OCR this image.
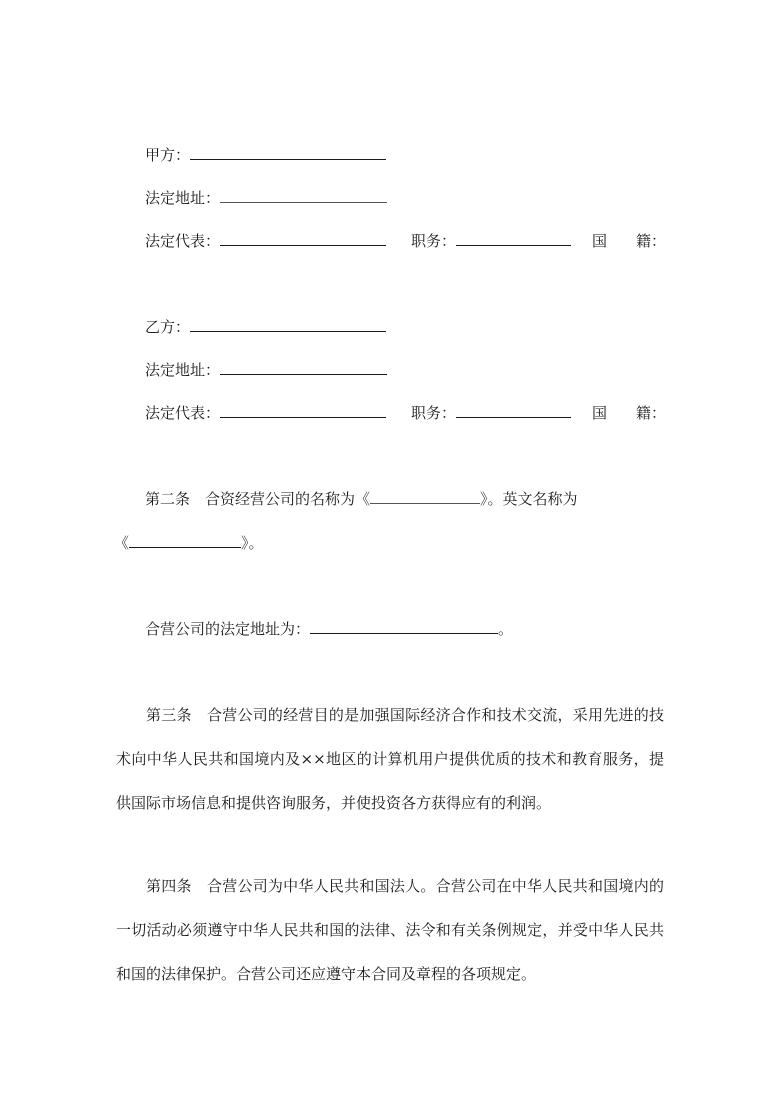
甲方：
法定地址：
法定代表：	职务：	国 籍：
乙方：
法定地址：
法定代表：	职务：	国 籍：
第二条　合资经营公司的名称为《	》。英文名称为
《	》。
合营公司的法定地址为：	。
第三条　合营公司的经营目的是加强国际经济合作和技术交流，采用先进的技术向中华人民共和国境内及××地区的计算机用户提供优质的技术和教育服务，提供国际市场信息和提供咨询服务，并使投资各方获得应有的利润。
第四条　合营公司为中华人民共和国法人。合营公司在中华人民共和国境内的一切活动必须遵守中华人民共和国的法律、法令和有关条例规定，并受中华人民共和国的法律保护。合营公司还应遵守本合同及章程的各项规定。
